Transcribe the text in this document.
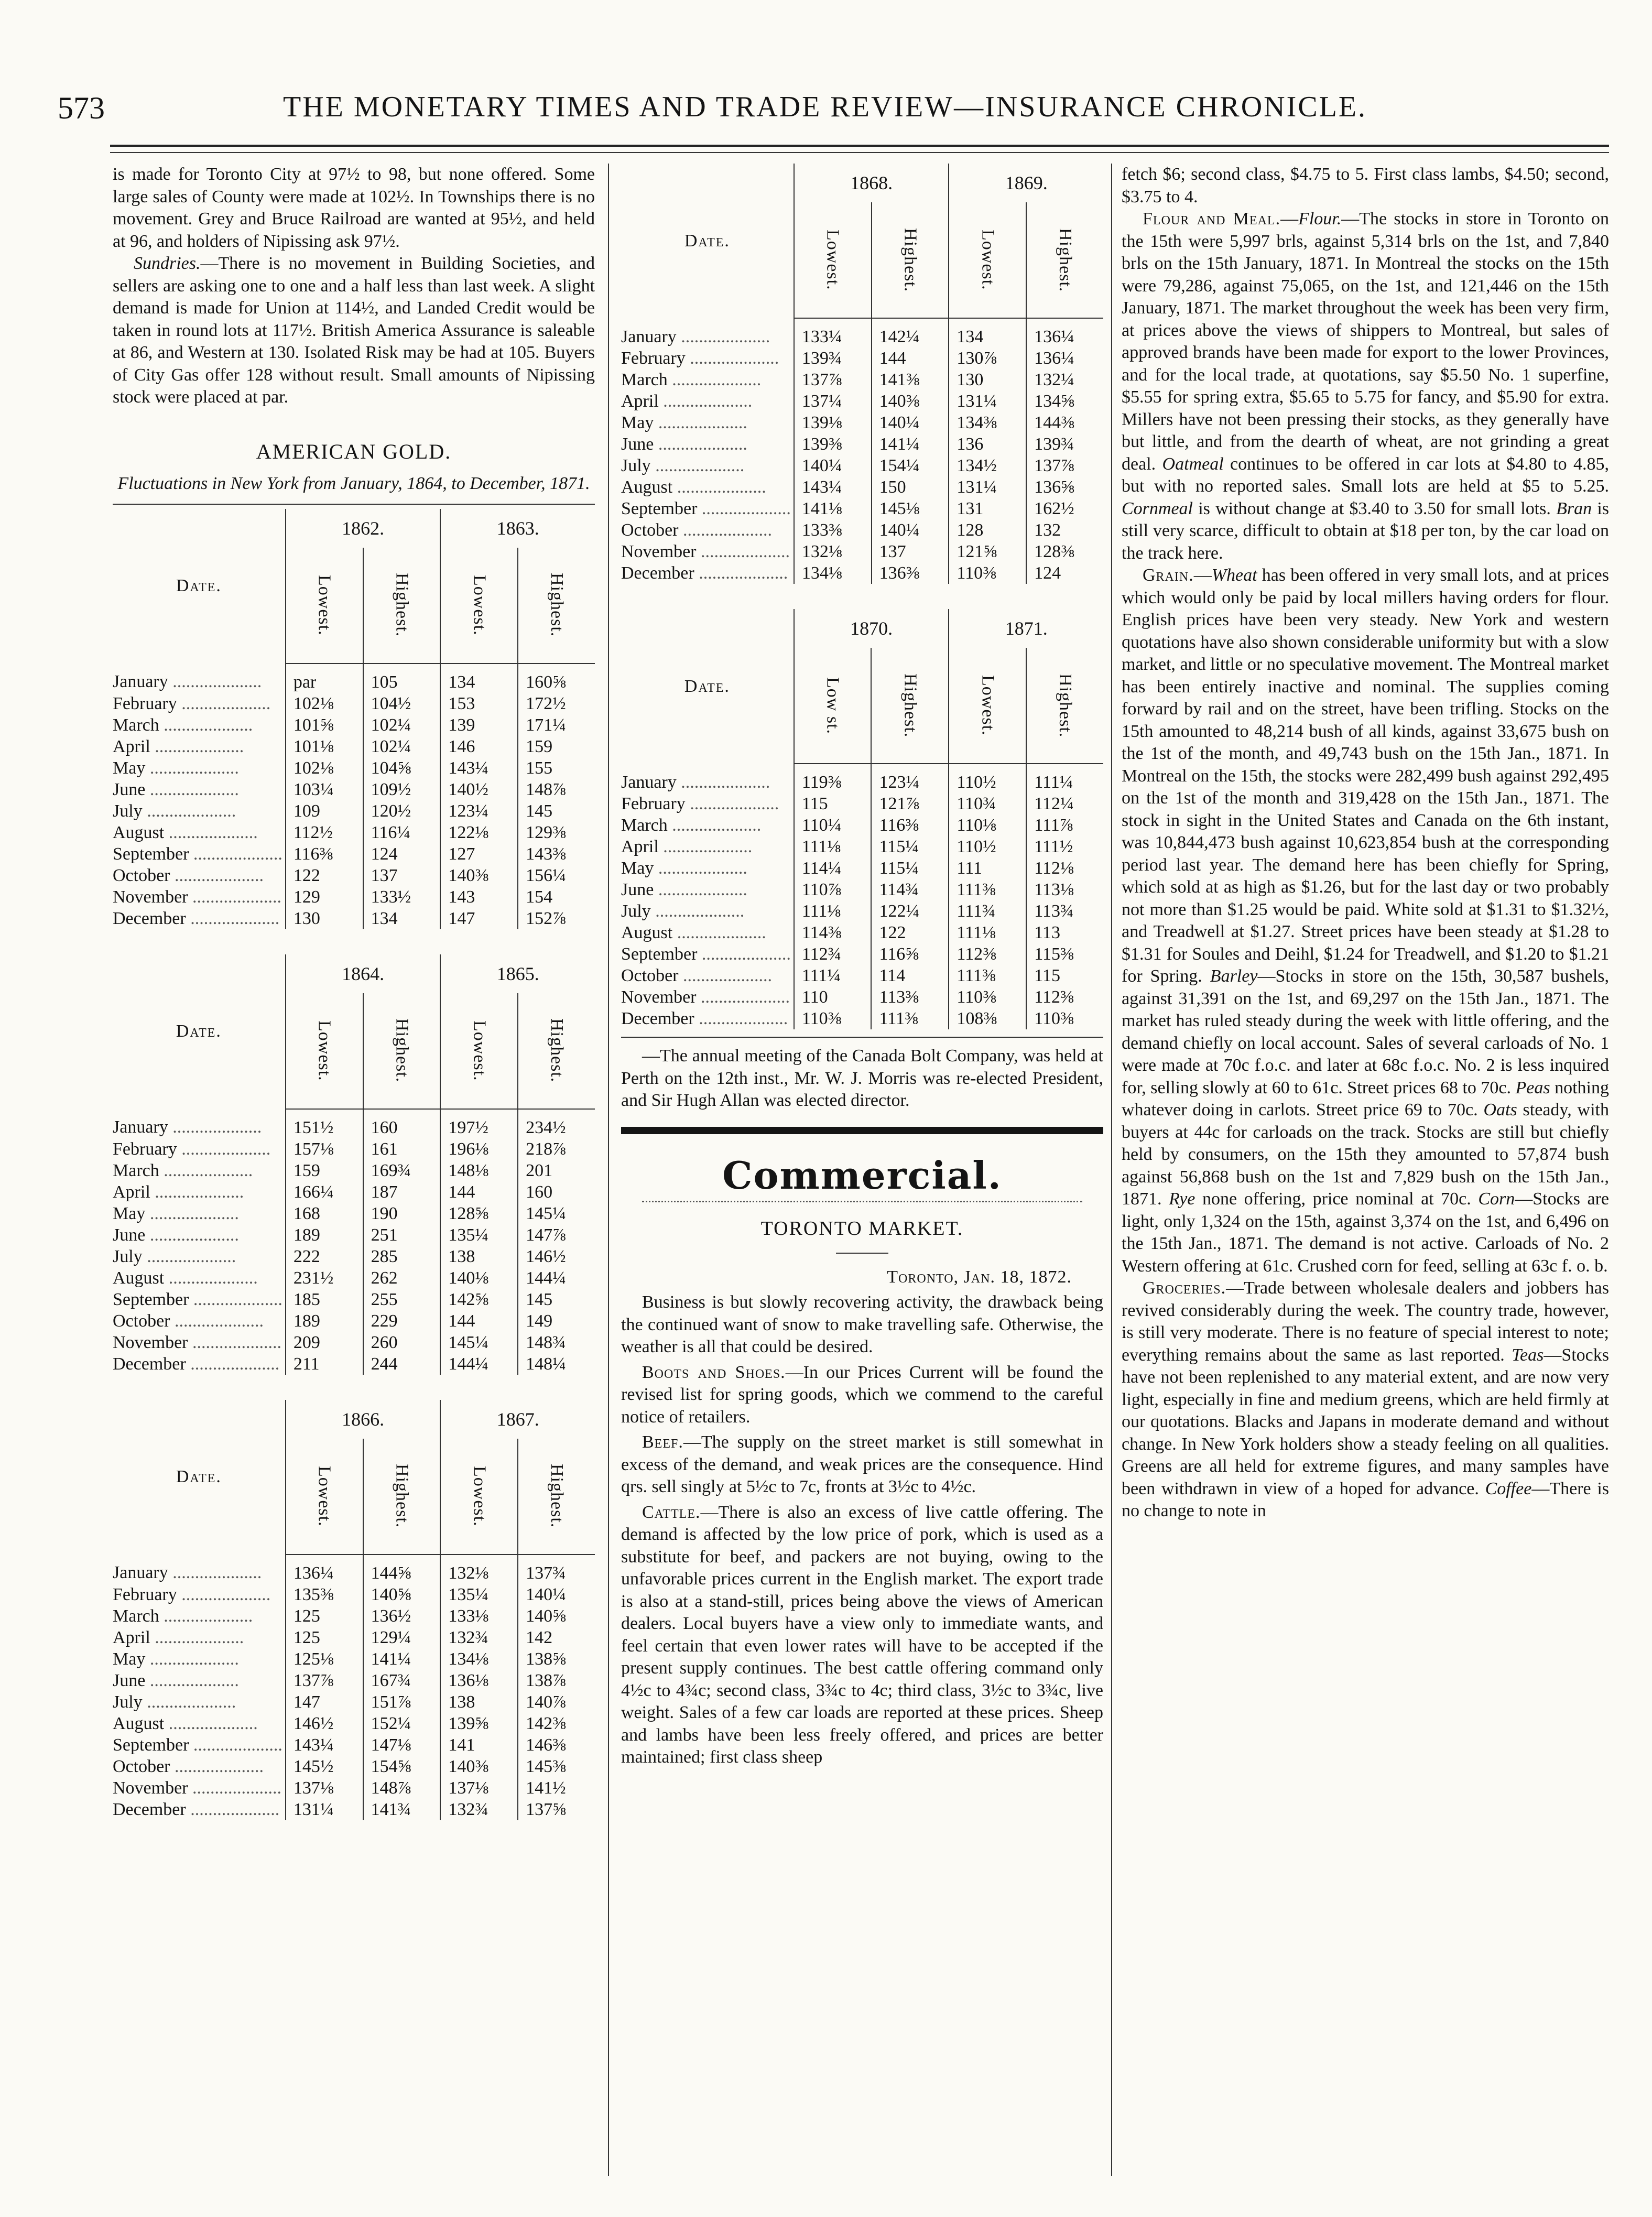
573	THE MONETARY TIMES AND TRADE REVIEW—INSURANCE CHRONICLE.

is made for Toronto City at 97½ to 98, but none offered. Some large sales of County were made at 102½. In Townships there is no movement. Grey and Bruce Railroad are wanted at 95½, and held at 96, and holders of Nipissing ask 97½.

Sundries.—There is no movement in Building Societies, and sellers are asking one to one and a half less than last week. A slight demand is made for Union at 114½, and Landed Credit would be taken in round lots at 117½. British America Assurance is saleable at 86, and Western at 130. Isolated Risk may be had at 105. Buyers of City Gas offer 128 without result. Small amounts of Nipissing stock were placed at par.

AMERICAN GOLD.
Fluctuations in New York from January, 1864, to December, 1871.
Date.	1862.		1863.	

	Lowest.	Highest.	Lowest.	Highest.

January ....................	par	105	134	160⅝
February ....................	102⅛	104½	153	172½
March ....................	101⅝	102¼	139	171¼
April ....................	101⅛	102¼	146	159
May ....................	102⅛	104⅝	143¼	155
June ....................	103¼	109½	140½	148⅞
July ....................	109	120½	123¼	145
August ....................	112½	116¼	122⅛	129⅜
September ....................	116⅜	124	127	143⅜
October ....................	122	137	140⅜	156¼
November ....................	129	133½	143	154
December ....................	130	134	147	152⅞
Date.	1864.		1865.	

	Lowest.	Highest.	Lowest.	Highest.

January ....................	151½	160	197½	234½
February ....................	157⅛	161	196⅛	218⅞
March ....................	159	169¾	148⅛	201
April ....................	166¼	187	144	160
May ....................	168	190	128⅝	145¼
June ....................	189	251	135¼	147⅞
July ....................	222	285	138	146½
August ....................	231½	262	140⅛	144¼
September ....................	185	255	142⅝	145
October ....................	189	229	144	149
November ....................	209	260	145¼	148¾
December ....................	211	244	144¼	148¼
Date.	1866.		1867.	

	Lowest.	Highest.	Lowest.	Highest.

January ....................	136¼	144⅝	132⅛	137¾
February ....................	135⅜	140⅝	135¼	140¼
March ....................	125	136½	133⅛	140⅝
April ....................	125	129¼	132¾	142
May ....................	125⅛	141¼	134⅛	138⅝
June ....................	137⅞	167¾	136⅛	138⅞
July ....................	147	151⅞	138	140⅞
August ....................	146½	152¼	139⅝	142⅜
September ....................	143¼	147⅛	141	146⅜
October ....................	145½	154⅝	140⅜	145⅜
November ....................	137⅛	148⅞	137⅛	141½
December ....................	131¼	141¾	132¾	137⅝
Date.	1868.		1869.	

	Lowest.	Highest.	Lowest.	Highest.

January ....................	133¼	142¼	134	136¼
February ....................	139¾	144	130⅞	136¼
March ....................	137⅞	141⅜	130	132¼
April ....................	137¼	140⅜	131¼	134⅝
May ....................	139⅛	140¼	134⅜	144⅜
June ....................	139⅜	141¼	136	139¾
July ....................	140¼	154¼	134½	137⅞
August ....................	143¼	150	131¼	136⅝
September ....................	141⅛	145⅛	131	162½
October ....................	133⅜	140¼	128	132
November ....................	132⅛	137	121⅝	128⅜
December ....................	134⅛	136⅜	110⅜	124
Date.	1870.		1871.	

	Low st.	Highest.	Lowest.	Highest.

January ....................	119⅜	123¼	110½	111¼
February ....................	115	121⅞	110¾	112¼
March ....................	110¼	116⅜	110⅛	111⅞
April ....................	111⅛	115¼	110½	111½
May ....................	114¼	115¼	111	112⅛
June ....................	110⅞	114¾	111⅜	113⅛
July ....................	111⅛	122¼	111¾	113¾
August ....................	114⅜	122	111⅛	113
September ....................	112¾	116⅝	112⅜	115⅜
October ....................	111¼	114	111⅜	115
November ....................	110	113⅜	110⅜	112⅜
December ....................	110⅜	111⅜	108⅜	110⅜

—The annual meeting of the Canada Bolt Company, was held at Perth on the 12th inst., Mr. W. J. Morris was re-elected President, and Sir Hugh Allan was elected director.

Commercial.
TORONTO MARKET.

Toronto, Jan. 18, 1872.

Business is but slowly recovering activity, the drawback being the continued want of snow to make travelling safe. Otherwise, the weather is all that could be desired.

Boots and Shoes.—In our Prices Current will be found the revised list for spring goods, which we commend to the careful notice of retailers.

Beef.—The supply on the street market is still somewhat in excess of the demand, and weak prices are the consequence. Hind qrs. sell singly at 5½c to 7c, fronts at 3½c to 4½c.

Cattle.—There is also an excess of live cattle offering. The demand is affected by the low price of pork, which is used as a substitute for beef, and packers are not buying, owing to the unfavorable prices current in the English market. The export trade is also at a stand-still, prices being above the views of American dealers. Local buyers have a view only to immediate wants, and feel certain that even lower rates will have to be accepted if the present supply continues. The best cattle offering command only 4½c to 4¾c; second class, 3¾c to 4c; third class, 3½c to 3¾c, live weight. Sales of a few car loads are reported at these prices. Sheep and lambs have been less freely offered, and prices are better maintained; first class sheep

fetch $6; second class, $4.75 to 5. First class lambs, $4.50; second, $3.75 to 4.

Flour and Meal.—Flour.—The stocks in store in Toronto on the 15th were 5,997 brls, against 5,314 brls on the 1st, and 7,840 brls on the 15th January, 1871. In Montreal the stocks on the 15th were 79,286, against 75,065, on the 1st, and 121,446 on the 15th January, 1871. The market throughout the week has been very firm, at prices above the views of shippers to Montreal, but sales of approved brands have been made for export to the lower Provinces, and for the local trade, at quotations, say $5.50 No. 1 superfine, $5.55 for spring extra, $5.65 to 5.75 for fancy, and $5.90 for extra. Millers have not been pressing their stocks, as they generally have but little, and from the dearth of wheat, are not grinding a great deal. Oatmeal continues to be offered in car lots at $4.80 to 4.85, but with no reported sales. Small lots are held at $5 to 5.25. Cornmeal is without change at $3.40 to 3.50 for small lots. Bran is still very scarce, difficult to obtain at $18 per ton, by the car load on the track here.

Grain.—Wheat has been offered in very small lots, and at prices which would only be paid by local millers having orders for flour. English prices have been very steady. New York and western quotations have also shown considerable uniformity but with a slow market, and little or no speculative movement. The Montreal market has been entirely inactive and nominal. The supplies coming forward by rail and on the street, have been trifling. Stocks on the 15th amounted to 48,214 bush of all kinds, against 33,675 bush on the 1st of the month, and 49,743 bush on the 15th Jan., 1871. In Montreal on the 15th, the stocks were 282,499 bush against 292,495 on the 1st of the month and 319,428 on the 15th Jan., 1871. The stock in sight in the United States and Canada on the 6th instant, was 10,844,473 bush against 10,623,854 bush at the corresponding period last year. The demand here has been chiefly for Spring, which sold at as high as $1.26, but for the last day or two probably not more than $1.25 would be paid. White sold at $1.31 to $1.32½, and Treadwell at $1.27. Street prices have been steady at $1.28 to $1.31 for Soules and Deihl, $1.24 for Treadwell, and $1.20 to $1.21 for Spring. Barley—Stocks in store on the 15th, 30,587 bushels, against 31,391 on the 1st, and 69,297 on the 15th Jan., 1871. The market has ruled steady during the week with little offering, and the demand chiefly on local account. Sales of several carloads of No. 1 were made at 70c f.o.c. and later at 68c f.o.c. No. 2 is less inquired for, selling slowly at 60 to 61c. Street prices 68 to 70c. Peas nothing whatever doing in carlots. Street price 69 to 70c. Oats steady, with buyers at 44c for carloads on the track. Stocks are still but chiefly held by consumers, on the 15th they amounted to 57,874 bush against 56,868 bush on the 1st and 7,829 bush on the 15th Jan., 1871. Rye none offering, price nominal at 70c. Corn—Stocks are light, only 1,324 on the 15th, against 3,374 on the 1st, and 6,496 on the 15th Jan., 1871. The demand is not active. Carloads of No. 2 Western offering at 61c. Crushed corn for feed, selling at 63c f. o. b.

Groceries.—Trade between wholesale dealers and jobbers has revived considerably during the week. The country trade, however, is still very moderate. There is no feature of special interest to note; everything remains about the same as last reported. Teas—Stocks have not been replenished to any material extent, and are now very light, especially in fine and medium greens, which are held firmly at our quotations. Blacks and Japans in moderate demand and without change. In New York holders show a steady feeling on all qualities. Greens are all held for extreme figures, and many samples have been withdrawn in view of a hoped for advance. Coffee—There is no change to note in
